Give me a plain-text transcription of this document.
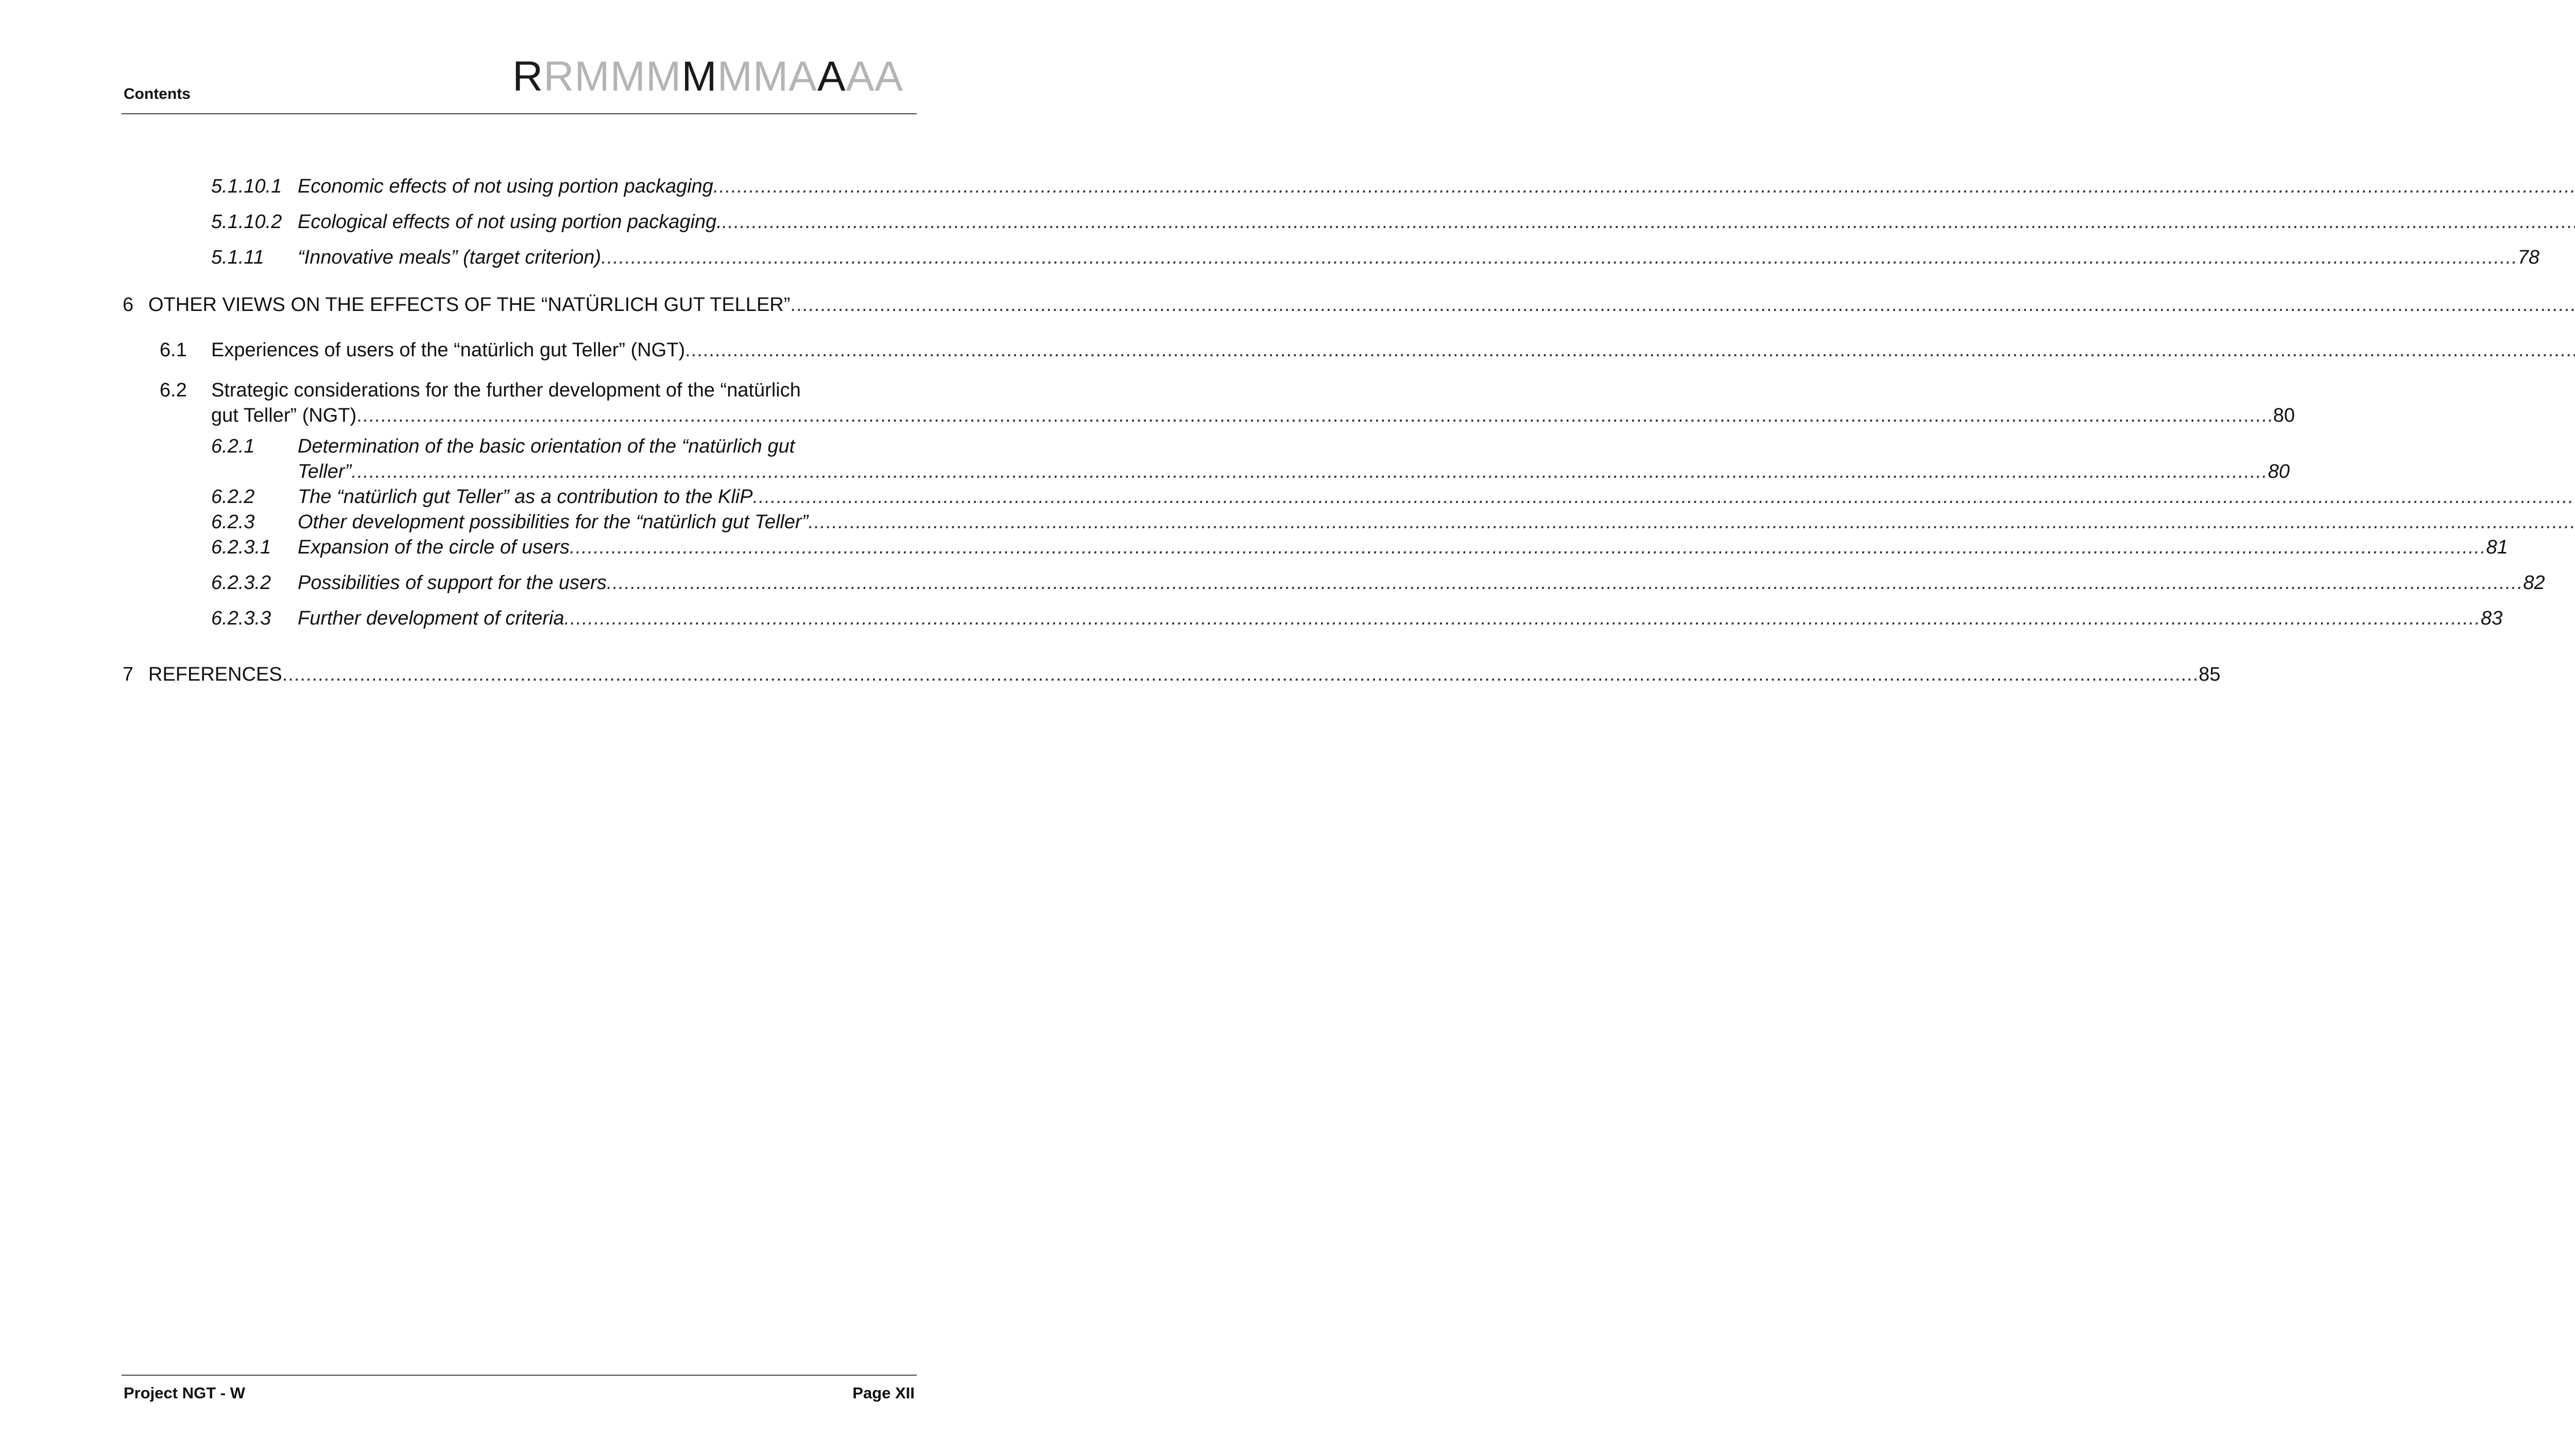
Contents	RRMMMMMMAAAA
5.1.10.1 Economic effects of not using portion packaging
.....
5.1.10.2 Ecological effects of not using portion packaging.
.....
5.1.11 “Innovative meals” (target criterion) .....	78
6 OTHER VIEWS ON THE EFFECTS OF THE “NATÜRLICH GUT TELLER”
.....
6.1 Experiences of users of the “natürlich gut Teller” (NGT)
.....
6.2 Strategic considerations for the further development of the “natürlich
gut Teller” (NGT) .....	80
6.2.1 Determination of the basic orientation of the “natürlich gut
Teller” .....	80
6.2.2 The “natürlich gut Teller” as a contribution to the KliP
.....
6.2.3 Other development possibilities for the “natürlich gut Teller”
.....
6.2.3.1 Expansion of the circle of users .....	81
6.2.3.2 Possibilities of support for the users .....	82
6.2.3.3 Further development of criteria .....	83
7 REFERENCES .....	85
Project NGT - W	Page XII
